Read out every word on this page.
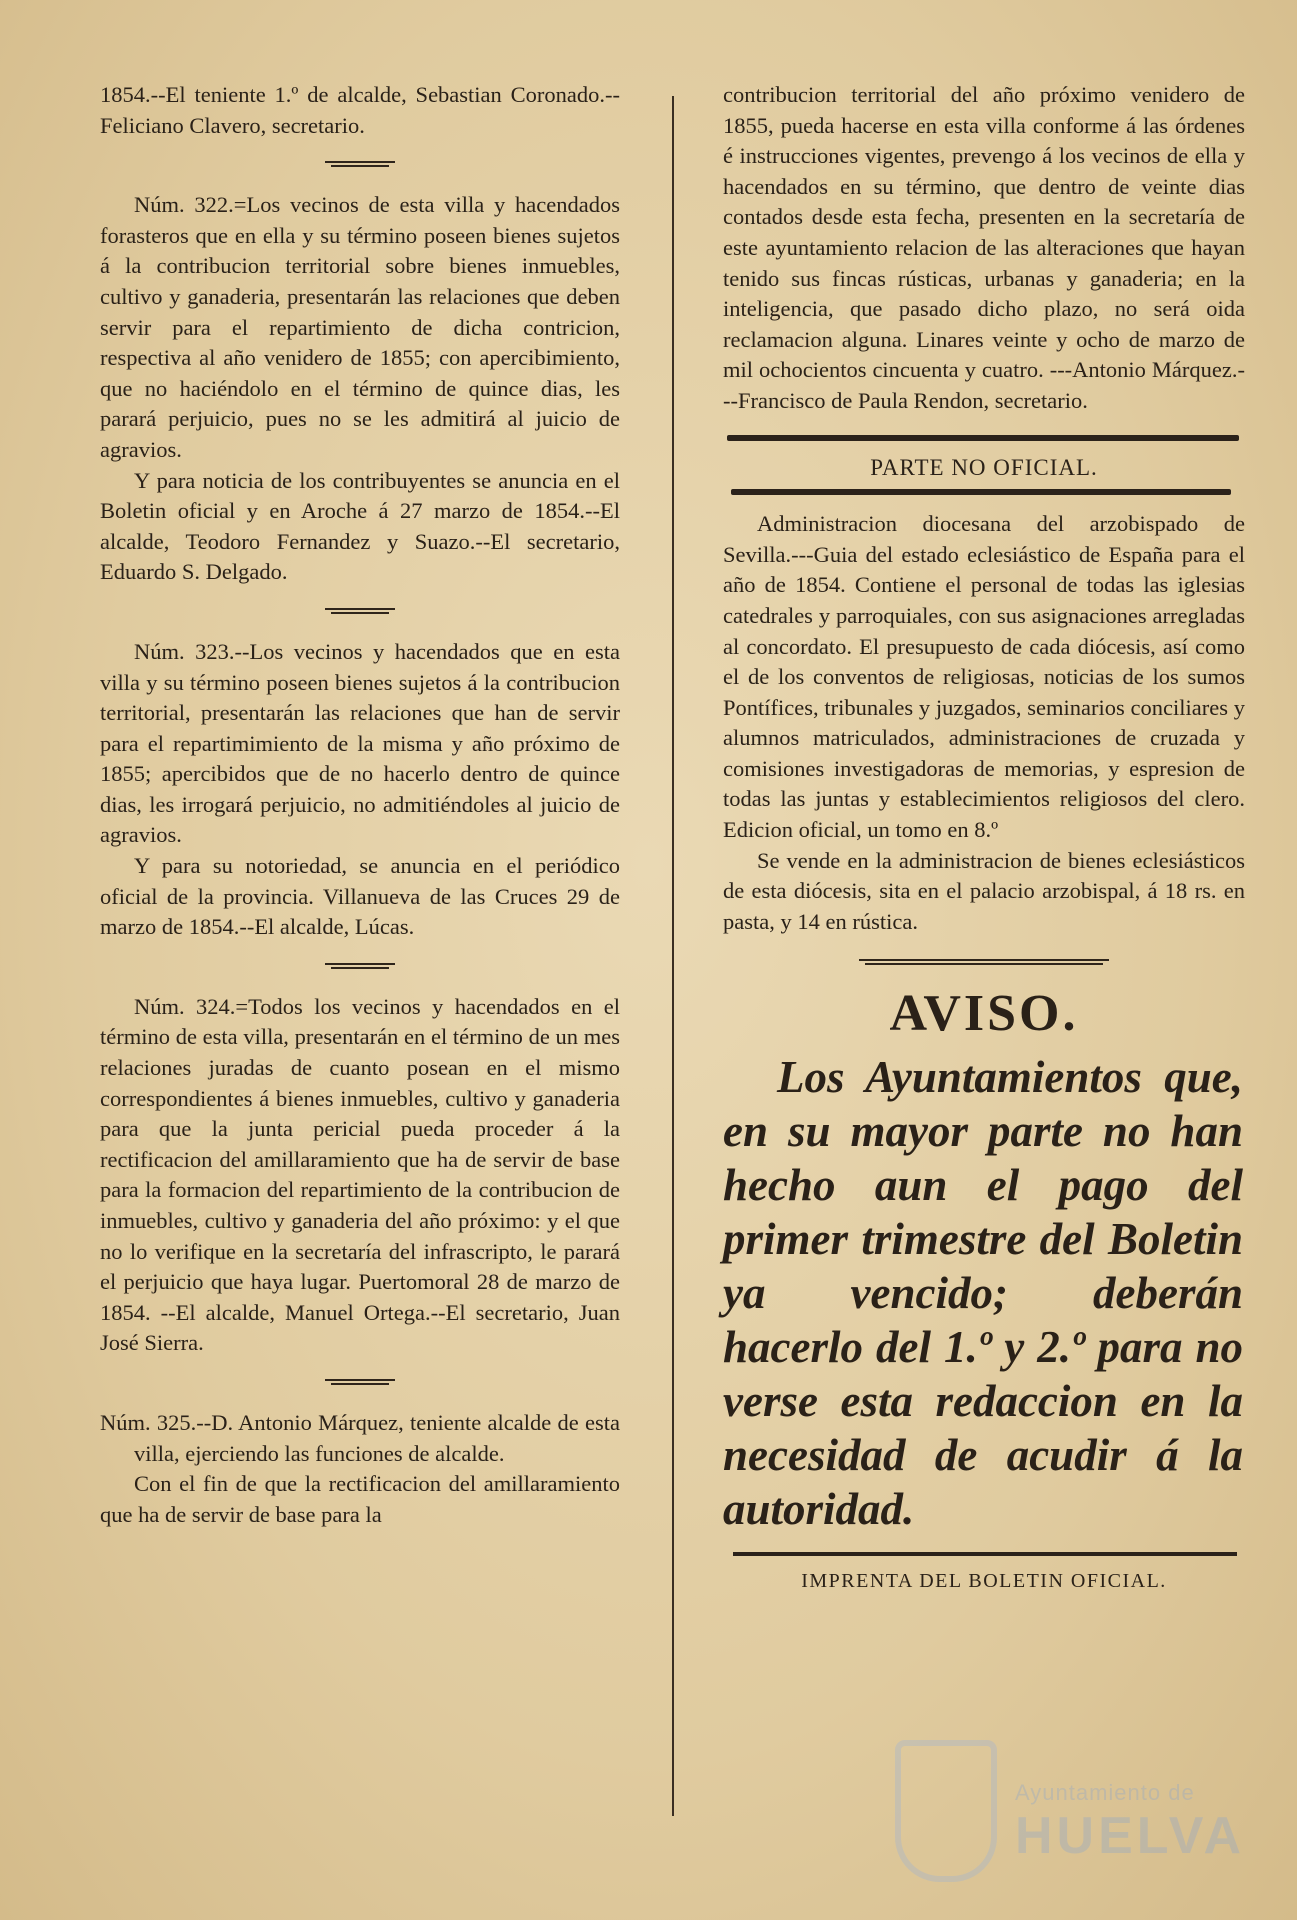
1854.--El teniente 1.º de alcalde, Sebastian Coronado.--Feliciano Clavero, secretario.

Núm. 322.=Los vecinos de esta villa y hacendados forasteros que en ella y su término poseen bienes sujetos á la contribucion territorial sobre bienes inmuebles, cultivo y ganaderia, presentarán las relaciones que deben servir para el repartimiento de dicha contricion, respectiva al año venidero de 1855; con apercibimiento, que no haciéndolo en el término de quince dias, les parará perjuicio, pues no se les admitirá al juicio de agravios.

Y para noticia de los contribuyentes se anuncia en el Boletin oficial y en Aroche á 27 marzo de 1854.--El alcalde, Teodoro Fernandez y Suazo.--El secretario, Eduardo S. Delgado.

Núm. 323.--Los vecinos y hacendados que en esta villa y su término poseen bienes sujetos á la contribucion territorial, presentarán las relaciones que han de servir para el repartimimiento de la misma y año próximo de 1855; apercibidos que de no hacerlo dentro de quince dias, les irrogará perjuicio, no admitiéndoles al juicio de agravios.

Y para su notoriedad, se anuncia en el periódico oficial de la provincia. Villanueva de las Cruces 29 de marzo de 1854.--El alcalde, Lúcas.

Núm. 324.=Todos los vecinos y hacendados en el término de esta villa, presentarán en el término de un mes relaciones juradas de cuanto posean en el mismo correspondientes á bienes inmuebles, cultivo y ganaderia para que la junta pericial pueda proceder á la rectificacion del amillaramiento que ha de servir de base para la formacion del repartimiento de la contribucion de inmuebles, cultivo y ganaderia del año próximo: y el que no lo verifique en la secretaría del infrascripto, le parará el perjuicio que haya lugar. Puertomoral 28 de marzo de 1854. --El alcalde, Manuel Ortega.--El secretario, Juan José Sierra.

Núm. 325.--D. Antonio Márquez, teniente alcalde de esta villa, ejerciendo las funciones de alcalde.

Con el fin de que la rectificacion del amillaramiento que ha de servir de base para la

contribucion territorial del año próximo venidero de 1855, pueda hacerse en esta villa conforme á las órdenes é instrucciones vigentes, prevengo á los vecinos de ella y hacendados en su término, que dentro de veinte dias contados desde esta fecha, presenten en la secretaría de este ayuntamiento relacion de las alteraciones que hayan tenido sus fincas rústicas, urbanas y ganaderia; en la inteligencia, que pasado dicho plazo, no será oida reclamacion alguna. Linares veinte y ocho de marzo de mil ochocientos cincuenta y cuatro. ---Antonio Márquez.---Francisco de Paula Rendon, secretario.

PARTE NO OFICIAL.

Administracion diocesana del arzobispado de Sevilla.---Guia del estado eclesiástico de España para el año de 1854. Contiene el personal de todas las iglesias catedrales y parroquiales, con sus asignaciones arregladas al concordato. El presupuesto de cada diócesis, así como el de los conventos de religiosas, noticias de los sumos Pontífices, tribunales y juzgados, seminarios conciliares y alumnos matriculados, administraciones de cruzada y comisiones investigadoras de memorias, y espresion de todas las juntas y establecimientos religiosos del clero. Edicion oficial, un tomo en 8.º

Se vende en la administracion de bienes eclesiásticos de esta diócesis, sita en el palacio arzobispal, á 18 rs. en pasta, y 14 en rústica.

AVISO.

Los Ayuntamientos que, en su mayor parte no han hecho aun el pago del primer trimestre del Boletin ya vencido; deberán hacerlo del 1.º y 2.º para no verse esta redaccion en la necesidad de acudir á la autoridad.

IMPRENTA DEL BOLETIN OFICIAL.
Ayuntamiento de
HUELVA
